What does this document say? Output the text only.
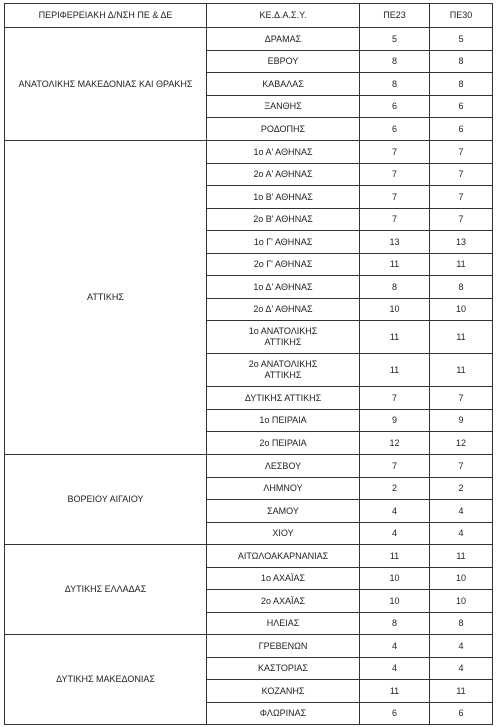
ΠΕΡΙΦΕΡΕΙΑΚΗ Δ/ΝΣΗ ΠΕ & ΔΕ	ΚΕ.Δ.Α.Σ.Υ.	ΠΕ23	ΠΕ30
ΑΝΑΤΟΛΙΚΗΣ ΜΑΚΕΔΟΝΙΑΣ ΚΑΙ ΘΡΑΚΗΣ	ΔΡΑΜΑΣ	5	5
	ΕΒΡΟΥ	8	8
	ΚΑΒΑΛΑΣ	8	8
	ΞΑΝΘΗΣ	6	6
	ΡΟΔΟΠΗΣ	6	6
ΑΤΤΙΚΗΣ	1ο Α' ΑΘΗΝΑΣ	7	7
	2ο Α' ΑΘΗΝΑΣ	7	7
	1ο Β' ΑΘΗΝΑΣ	7	7
	2ο Β' ΑΘΗΝΑΣ	7	7
	1ο Γ' ΑΘΗΝΑΣ	13	13
	2ο Γ' ΑΘΗΝΑΣ	11	11
	1ο Δ' ΑΘΗΝΑΣ	8	8
	2ο Δ' ΑΘΗΝΑΣ	10	10
	1ο ΑΝΑΤΟΛΙΚΗΣ ΑΤΤΙΚΗΣ	11	11
	2ο ΑΝΑΤΟΛΙΚΗΣ ΑΤΤΙΚΗΣ	11	11
	ΔΥΤΙΚΗΣ ΑΤΤΙΚΗΣ	7	7
	1ο ΠΕΙΡΑΙΑ	9	9
	2ο ΠΕΙΡΑΙΑ	12	12
ΒΟΡΕΙΟΥ ΑΙΓΑΙΟΥ	ΛΕΣΒΟΥ	7	7
	ΛΗΜΝΟΥ	2	2
	ΣΑΜΟΥ	4	4
	ΧΙΟΥ	4	4
ΔΥΤΙΚΗΣ ΕΛΛΑΔΑΣ	ΑΙΤΩΛΟΑΚΑΡΝΑΝΙΑΣ	11	11
	1ο ΑΧΑΪΑΣ	10	10
	2ο ΑΧΑΪΑΣ	10	10
	ΗΛΕΙΑΣ	8	8
ΔΥΤΙΚΗΣ ΜΑΚΕΔΟΝΙΑΣ	ΓΡΕΒΕΝΩΝ	4	4
	ΚΑΣΤΟΡΙΑΣ	4	4
	ΚΟΖΑΝΗΣ	11	11
	ΦΛΩΡΙΝΑΣ	6	6
